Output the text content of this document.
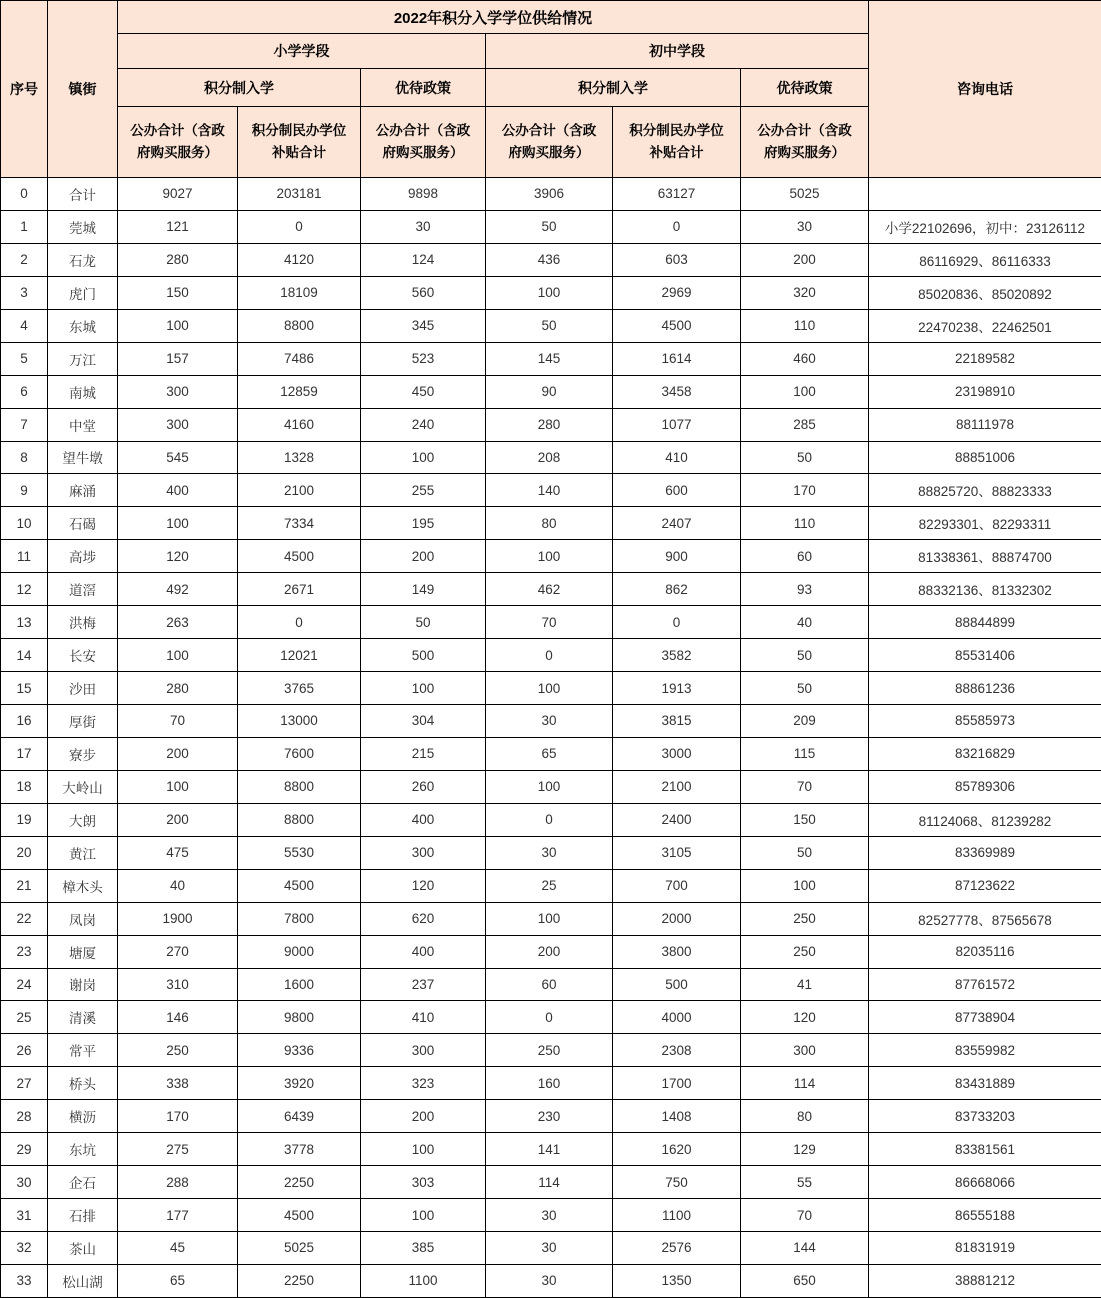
序号	镇街	2022年积分入学学位供给情况						咨询电话
		小学学段			初中学段			
		积分制入学		优待政策	积分制入学		优待政策	
		公办合计（含政府购买服务）	积分制民办学位补贴合计	公办合计（含政府购买服务）	公办合计（含政府购买服务）	积分制民办学位补贴合计	公办合计（含政府购买服务）	
0	合计	9027	203181	9898	3906	63127	5025	
1	莞城	121	0	30	50	0	30	小学22102696，初中：23126112
2	石龙	280	4120	124	436	603	200	86116929、86116333
3	虎门	150	18109	560	100	2969	320	85020836、85020892
4	东城	100	8800	345	50	4500	110	22470238、22462501
5	万江	157	7486	523	145	1614	460	22189582
6	南城	300	12859	450	90	3458	100	23198910
7	中堂	300	4160	240	280	1077	285	88111978
8	望牛墩	545	1328	100	208	410	50	88851006
9	麻涌	400	2100	255	140	600	170	88825720、88823333
10	石碣	100	7334	195	80	2407	110	82293301、82293311
11	高埗	120	4500	200	100	900	60	81338361、88874700
12	道滘	492	2671	149	462	862	93	88332136、81332302
13	洪梅	263	0	50	70	0	40	88844899
14	长安	100	12021	500	0	3582	50	85531406
15	沙田	280	3765	100	100	1913	50	88861236
16	厚街	70	13000	304	30	3815	209	85585973
17	寮步	200	7600	215	65	3000	115	83216829
18	大岭山	100	8800	260	100	2100	70	85789306
19	大朗	200	8800	400	0	2400	150	81124068、81239282
20	黄江	475	5530	300	30	3105	50	83369989
21	樟木头	40	4500	120	25	700	100	87123622
22	凤岗	1900	7800	620	100	2000	250	82527778、87565678
23	塘厦	270	9000	400	200	3800	250	82035116
24	谢岗	310	1600	237	60	500	41	87761572
25	清溪	146	9800	410	0	4000	120	87738904
26	常平	250	9336	300	250	2308	300	83559982
27	桥头	338	3920	323	160	1700	114	83431889
28	横沥	170	6439	200	230	1408	80	83733203
29	东坑	275	3778	100	141	1620	129	83381561
30	企石	288	2250	303	114	750	55	86668066
31	石排	177	4500	100	30	1100	70	86555188
32	茶山	45	5025	385	30	2576	144	81831919
33	松山湖	65	2250	1100	30	1350	650	38881212
